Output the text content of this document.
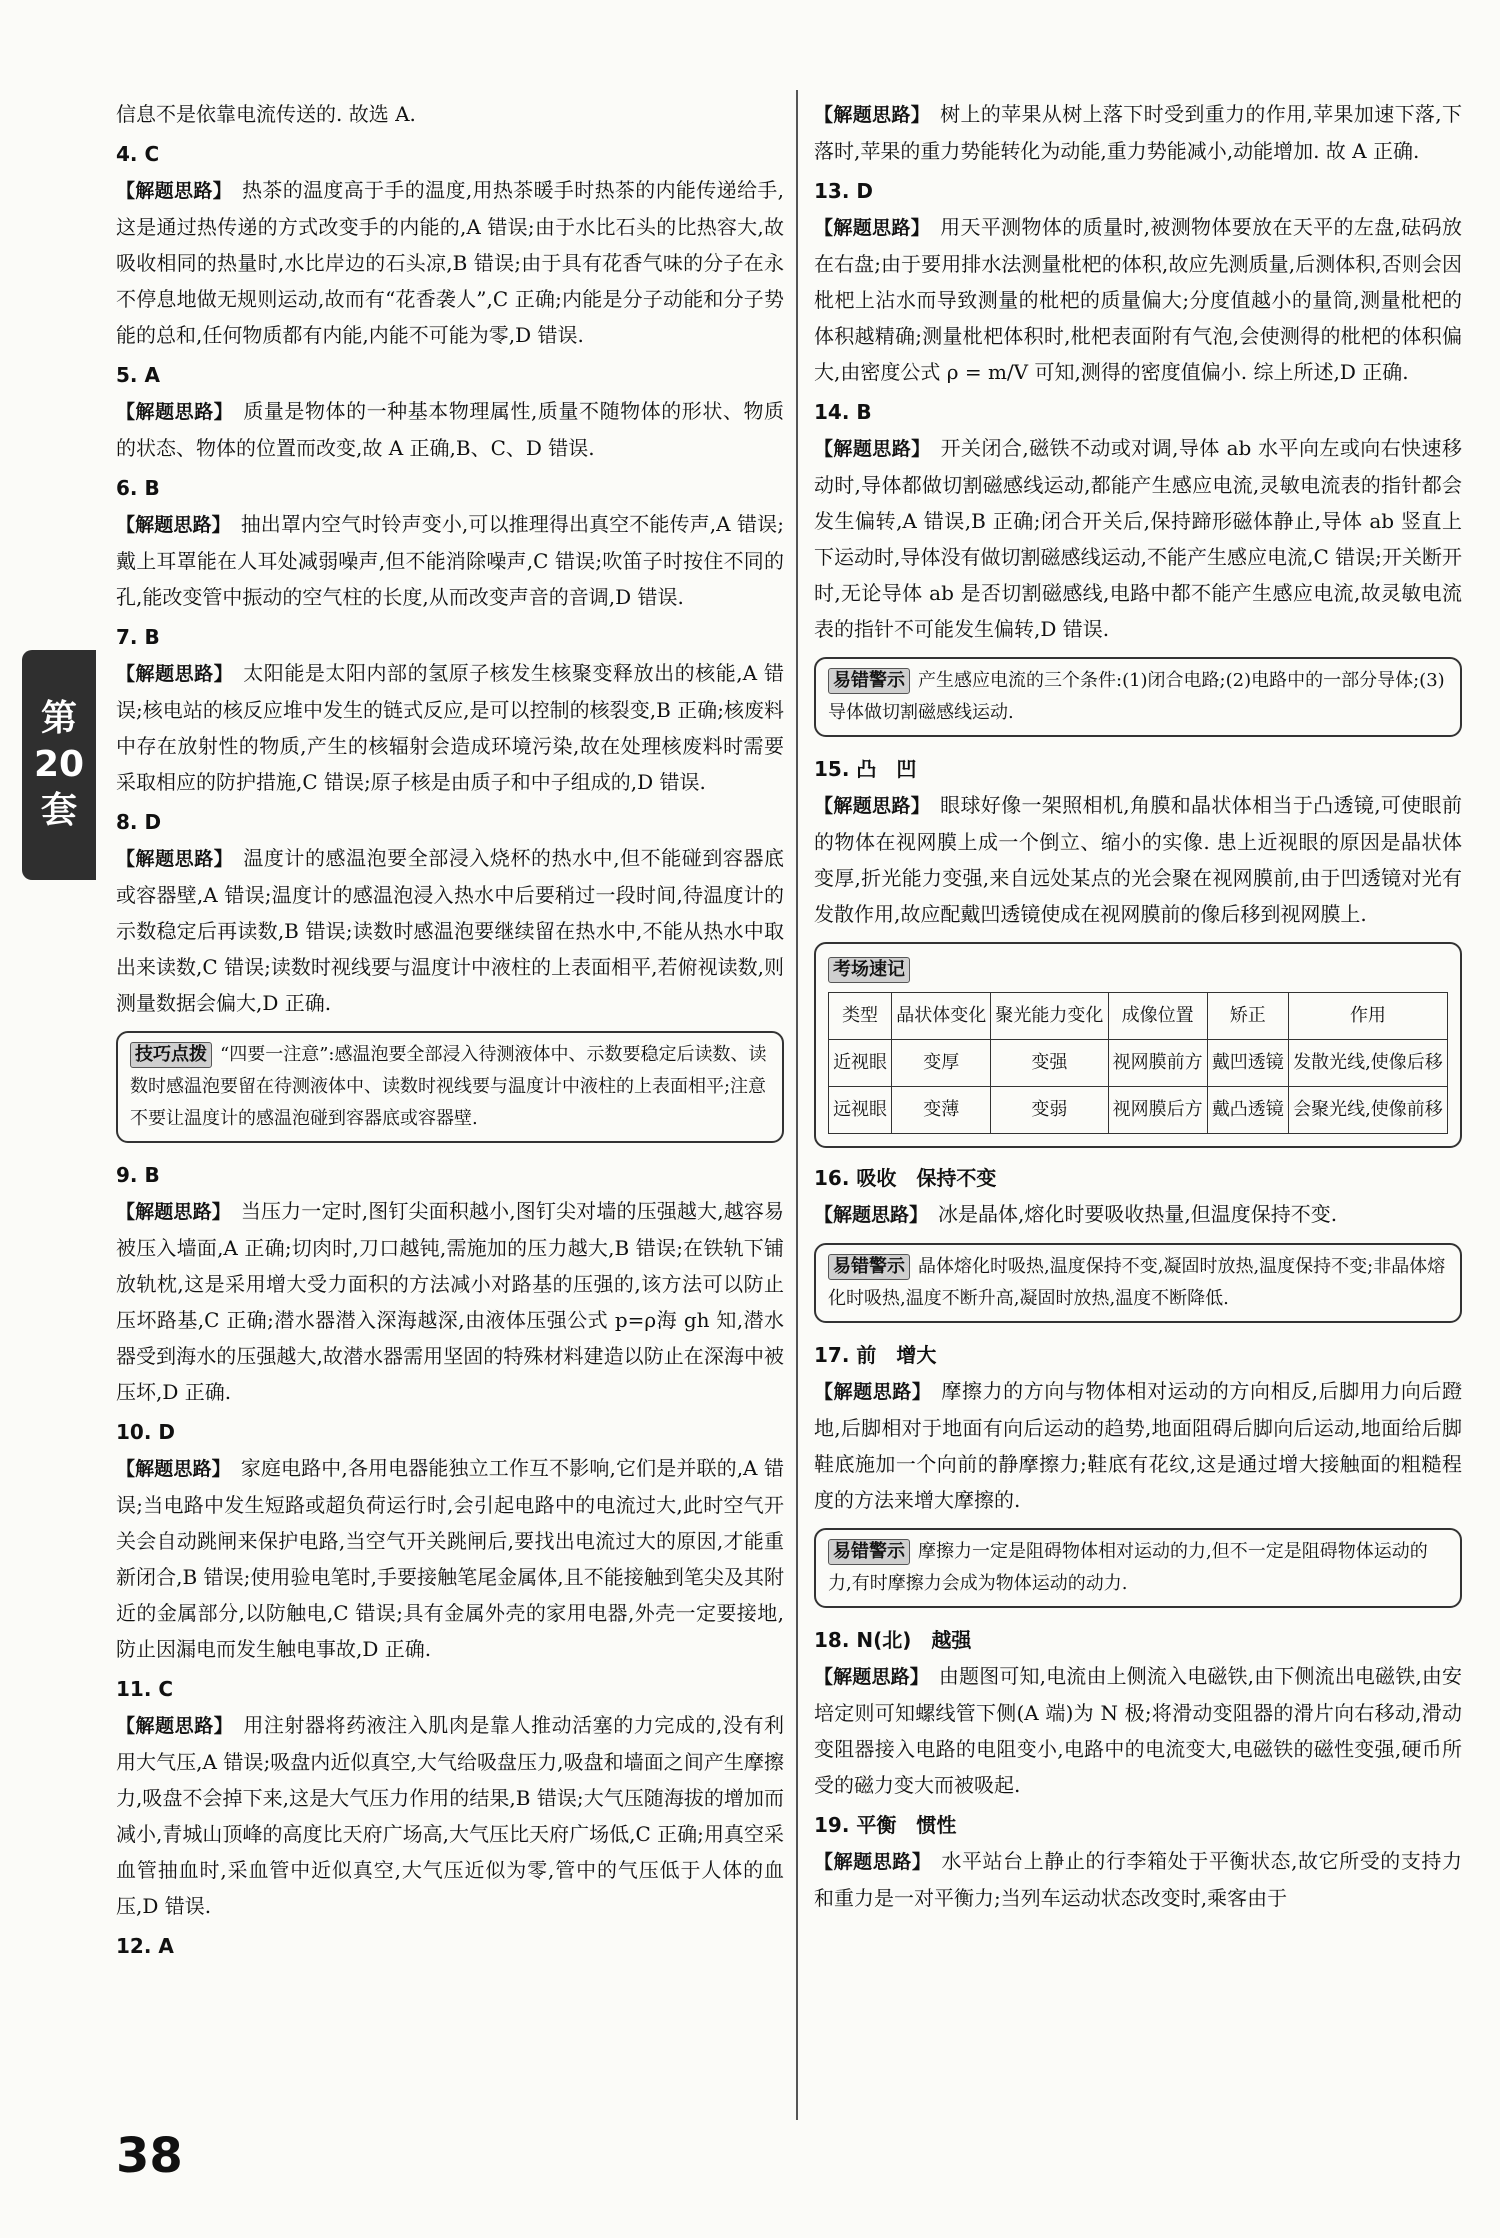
第
20
套

信息不是依靠电流传送的. 故选 A.

4. C

【解题思路】 热茶的温度高于手的温度,用热茶暖手时热茶的内能传递给手,这是通过热传递的方式改变手的内能的,A 错误;由于水比石头的比热容大,故吸收相同的热量时,水比岸边的石头凉,B 错误;由于具有花香气味的分子在永不停息地做无规则运动,故而有“花香袭人”,C 正确;内能是分子动能和分子势能的总和,任何物质都有内能,内能不可能为零,D 错误.

5. A

【解题思路】 质量是物体的一种基本物理属性,质量不随物体的形状、物质的状态、物体的位置而改变,故 A 正确,B、C、D 错误.

6. B

【解题思路】 抽出罩内空气时铃声变小,可以推理得出真空不能传声,A 错误;戴上耳罩能在人耳处减弱噪声,但不能消除噪声,C 错误;吹笛子时按住不同的孔,能改变管中振动的空气柱的长度,从而改变声音的音调,D 错误.

7. B

【解题思路】 太阳能是太阳内部的氢原子核发生核聚变释放出的核能,A 错误;核电站的核反应堆中发生的链式反应,是可以控制的核裂变,B 正确;核废料中存在放射性的物质,产生的核辐射会造成环境污染,故在处理核废料时需要采取相应的防护措施,C 错误;原子核是由质子和中子组成的,D 错误.

8. D

【解题思路】 温度计的感温泡要全部浸入烧杯的热水中,但不能碰到容器底或容器壁,A 错误;温度计的感温泡浸入热水中后要稍过一段时间,待温度计的示数稳定后再读数,B 错误;读数时感温泡要继续留在热水中,不能从热水中取出来读数,C 错误;读数时视线要与温度计中液柱的上表面相平,若俯视读数,则测量数据会偏大,D 正确.

技巧点拨 “四要一注意”:感温泡要全部浸入待测液体中、示数要稳定后读数、读数时感温泡要留在待测液体中、读数时视线要与温度计中液柱的上表面相平;注意不要让温度计的感温泡碰到容器底或容器壁.
9. B

【解题思路】 当压力一定时,图钉尖面积越小,图钉尖对墙的压强越大,越容易被压入墙面,A 正确;切肉时,刀口越钝,需施加的压力越大,B 错误;在铁轨下铺放轨枕,这是采用增大受力面积的方法减小对路基的压强的,该方法可以防止压坏路基,C 正确;潜水器潜入深海越深,由液体压强公式 p=ρ海 gh 知,潜水器受到海水的压强越大,故潜水器需用坚固的特殊材料建造以防止在深海中被压坏,D 正确.

10. D

【解题思路】 家庭电路中,各用电器能独立工作互不影响,它们是并联的,A 错误;当电路中发生短路或超负荷运行时,会引起电路中的电流过大,此时空气开关会自动跳闸来保护电路,当空气开关跳闸后,要找出电流过大的原因,才能重新闭合,B 错误;使用验电笔时,手要接触笔尾金属体,且不能接触到笔尖及其附近的金属部分,以防触电,C 错误;具有金属外壳的家用电器,外壳一定要接地,防止因漏电而发生触电事故,D 正确.

11. C

【解题思路】 用注射器将药液注入肌肉是靠人推动活塞的力完成的,没有利用大气压,A 错误;吸盘内近似真空,大气给吸盘压力,吸盘和墙面之间产生摩擦力,吸盘不会掉下来,这是大气压力作用的结果,B 错误;大气压随海拔的增加而减小,青城山顶峰的高度比天府广场高,大气压比天府广场低,C 正确;用真空采血管抽血时,采血管中近似真空,大气压近似为零,管中的气压低于人体的血压,D 错误.

12. A

【解题思路】 树上的苹果从树上落下时受到重力的作用,苹果加速下落,下落时,苹果的重力势能转化为动能,重力势能减小,动能增加. 故 A 正确.

13. D

【解题思路】 用天平测物体的质量时,被测物体要放在天平的左盘,砝码放在右盘;由于要用排水法测量枇杷的体积,故应先测质量,后测体积,否则会因枇杷上沾水而导致测量的枇杷的质量偏大;分度值越小的量筒,测量枇杷的体积越精确;测量枇杷体积时,枇杷表面附有气泡,会使测得的枇杷的体积偏大,由密度公式 ρ = m/V 可知,测得的密度值偏小. 综上所述,D 正确.

14. B

【解题思路】 开关闭合,磁铁不动或对调,导体 ab 水平向左或向右快速移动时,导体都做切割磁感线运动,都能产生感应电流,灵敏电流表的指针都会发生偏转,A 错误,B 正确;闭合开关后,保持蹄形磁体静止,导体 ab 竖直上下运动时,导体没有做切割磁感线运动,不能产生感应电流,C 错误;开关断开时,无论导体 ab 是否切割磁感线,电路中都不能产生感应电流,故灵敏电流表的指针不可能发生偏转,D 错误.

易错警示 产生感应电流的三个条件:(1)闭合电路;(2)电路中的一部分导体;(3)导体做切割磁感线运动.
15. 凸　凹

【解题思路】 眼球好像一架照相机,角膜和晶状体相当于凸透镜,可使眼前的物体在视网膜上成一个倒立、缩小的实像. 患上近视眼的原因是晶状体变厚,折光能力变强,来自远处某点的光会聚在视网膜前,由于凹透镜对光有发散作用,故应配戴凹透镜使成在视网膜前的像后移到视网膜上.

考场速记
类型	晶状体变化	聚光能力变化	成像位置	矫正	作用
近视眼	变厚	变强	视网膜前方	戴凹透镜	发散光线,使像后移
远视眼	变薄	变弱	视网膜后方	戴凸透镜	会聚光线,使像前移
16. 吸收　保持不变

【解题思路】 冰是晶体,熔化时要吸收热量,但温度保持不变.

易错警示 晶体熔化时吸热,温度保持不变,凝固时放热,温度保持不变;非晶体熔化时吸热,温度不断升高,凝固时放热,温度不断降低.
17. 前　增大

【解题思路】 摩擦力的方向与物体相对运动的方向相反,后脚用力向后蹬地,后脚相对于地面有向后运动的趋势,地面阻碍后脚向后运动,地面给后脚鞋底施加一个向前的静摩擦力;鞋底有花纹,这是通过增大接触面的粗糙程度的方法来增大摩擦的.

易错警示 摩擦力一定是阻碍物体相对运动的力,但不一定是阻碍物体运动的力,有时摩擦力会成为物体运动的动力.
18. N(北)　越强

【解题思路】 由题图可知,电流由上侧流入电磁铁,由下侧流出电磁铁,由安培定则可知螺线管下侧(A 端)为 N 极;将滑动变阻器的滑片向右移动,滑动变阻器接入电路的电阻变小,电路中的电流变大,电磁铁的磁性变强,硬币所受的磁力变大而被吸起.

19. 平衡　惯性

【解题思路】 水平站台上静止的行李箱处于平衡状态,故它所受的支持力和重力是一对平衡力;当列车运动状态改变时,乘客由于

38
